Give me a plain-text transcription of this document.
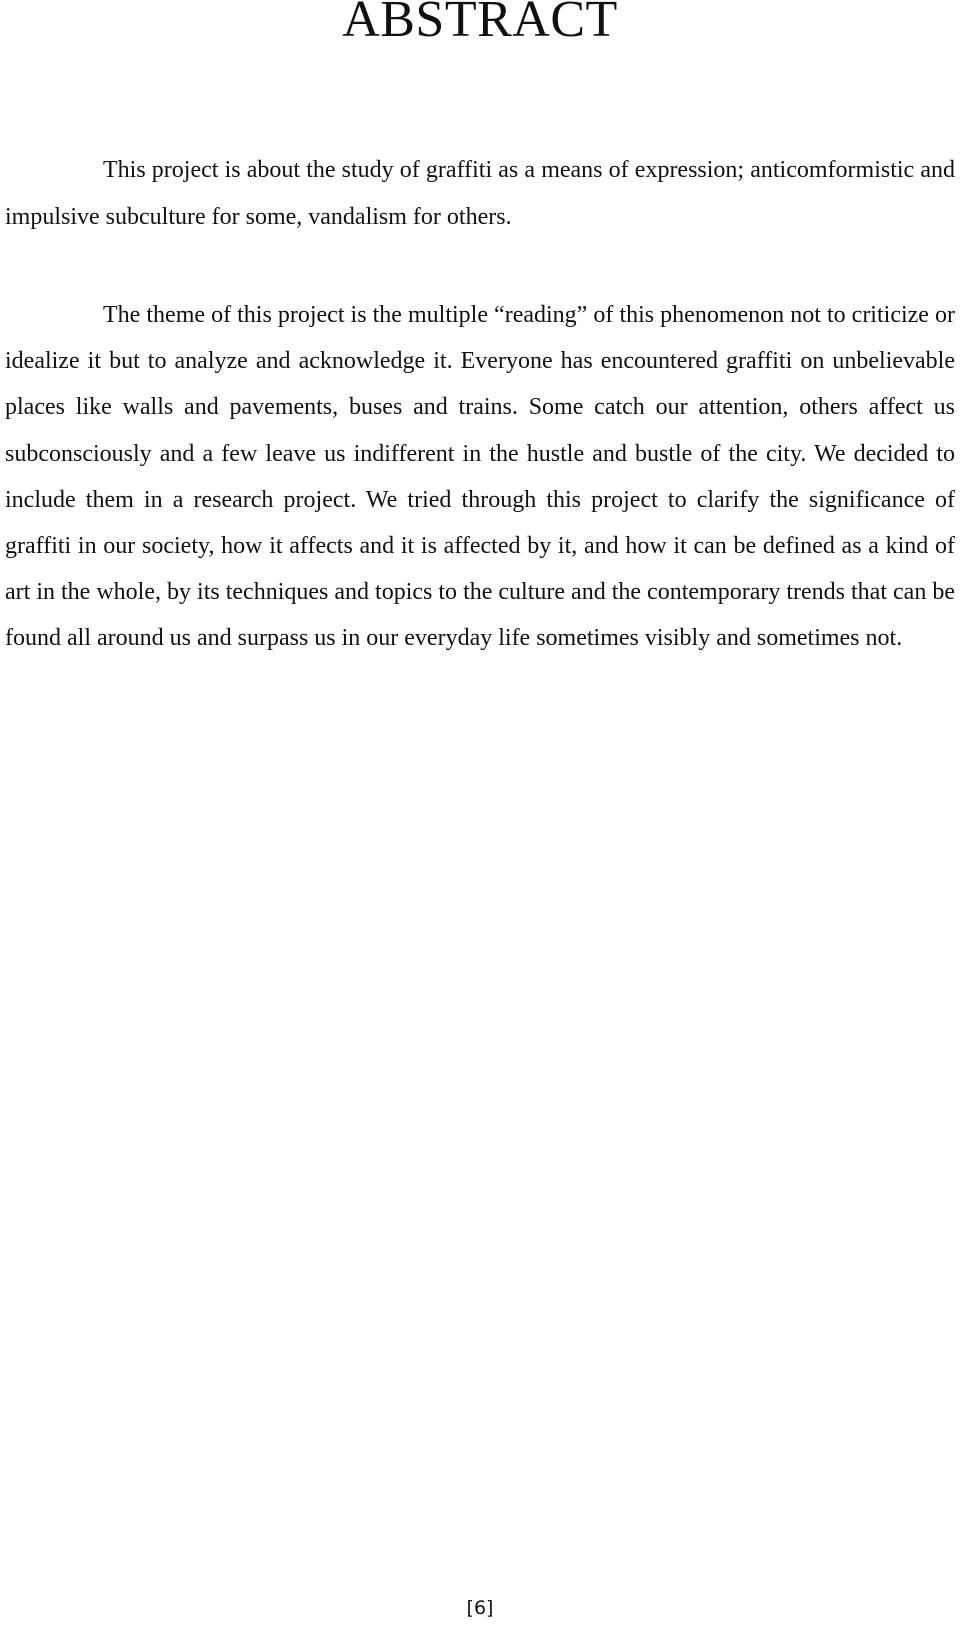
ABSTRACT

This project is about the study of graffiti as a means of expression; anticomformistic and impulsive subculture for some, vandalism for others.

The theme of this project is the multiple “reading” of this phenomenon not to criticize or idealize it but to analyze and acknowledge it. Everyone has encountered graffiti on unbelievable places like walls and pavements, buses and trains. Some catch our attention, others affect us subconsciously and a few leave us indifferent in the hustle and bustle of the city. We decided to include them in a research project. We tried through this project to clarify the significance of graffiti in our society, how it affects and it is affected by it, and how it can be defined as a kind of art in the whole, by its techniques and topics to the culture and the contemporary trends that can be found all around us and surpass us in our everyday life sometimes visibly and sometimes not.

[6]
